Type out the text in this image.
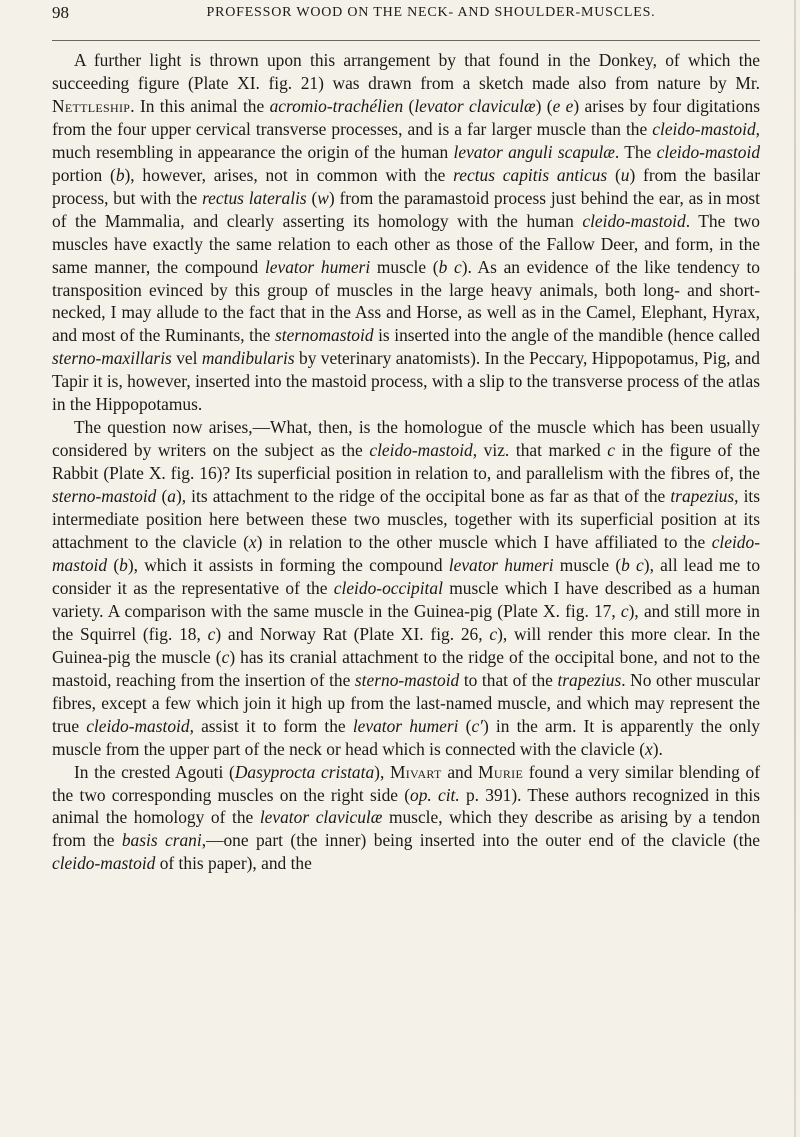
98	PROFESSOR WOOD ON THE NECK- AND SHOULDER-MUSCLES.

A further light is thrown upon this arrangement by that found in the Donkey, of which the succeeding figure (Plate XI. fig. 21) was drawn from a sketch made also from nature by Mr. Nettleship. In this animal the acromio-trachélien (levator claviculæ) (e e) arises by four digitations from the four upper cervical transverse processes, and is a far larger muscle than the cleido-mastoid, much resembling in appearance the origin of the human levator anguli scapulæ. The cleido-mastoid portion (b), however, arises, not in common with the rectus capitis anticus (u) from the basilar process, but with the rectus lateralis (w) from the paramastoid process just behind the ear, as in most of the Mammalia, and clearly asserting its homology with the human cleido-mastoid. The two muscles have exactly the same relation to each other as those of the Fallow Deer, and form, in the same manner, the compound levator humeri muscle (b c). As an evidence of the like tendency to transposition evinced by this group of muscles in the large heavy animals, both long- and short-necked, I may allude to the fact that in the Ass and Horse, as well as in the Camel, Elephant, Hyrax, and most of the Ruminants, the sternomastoid is inserted into the angle of the mandible (hence called sterno-maxillaris vel mandibularis by veterinary anatomists). In the Peccary, Hippopotamus, Pig, and Tapir it is, however, inserted into the mastoid process, with a slip to the transverse process of the atlas in the Hippopotamus.

The question now arises,—What, then, is the homologue of the muscle which has been usually considered by writers on the subject as the cleido-mastoid, viz. that marked c in the figure of the Rabbit (Plate X. fig. 16)? Its superficial position in relation to, and parallelism with the fibres of, the sterno-mastoid (a), its attachment to the ridge of the occipital bone as far as that of the trapezius, its intermediate position here between these two muscles, together with its superficial position at its attachment to the clavicle (x) in relation to the other muscle which I have affiliated to the cleido-mastoid (b), which it assists in forming the compound levator humeri muscle (b c), all lead me to consider it as the representative of the cleido-occipital muscle which I have described as a human variety. A comparison with the same muscle in the Guinea-pig (Plate X. fig. 17, c), and still more in the Squirrel (fig. 18, c) and Norway Rat (Plate XI. fig. 26, c), will render this more clear. In the Guinea-pig the muscle (c) has its cranial attachment to the ridge of the occipital bone, and not to the mastoid, reaching from the insertion of the sterno-mastoid to that of the trapezius. No other muscular fibres, except a few which join it high up from the last-named muscle, and which may represent the true cleido-mastoid, assist it to form the levator humeri (c′) in the arm. It is apparently the only muscle from the upper part of the neck or head which is connected with the clavicle (x).

In the crested Agouti (Dasyprocta cristata), Mivart and Murie found a very similar blending of the two corresponding muscles on the right side (op. cit. p. 391). These authors recognized in this animal the homology of the levator claviculæ muscle, which they describe as arising by a tendon from the basis crani,—one part (the inner) being inserted into the outer end of the clavicle (the cleido-mastoid of this paper), and the
